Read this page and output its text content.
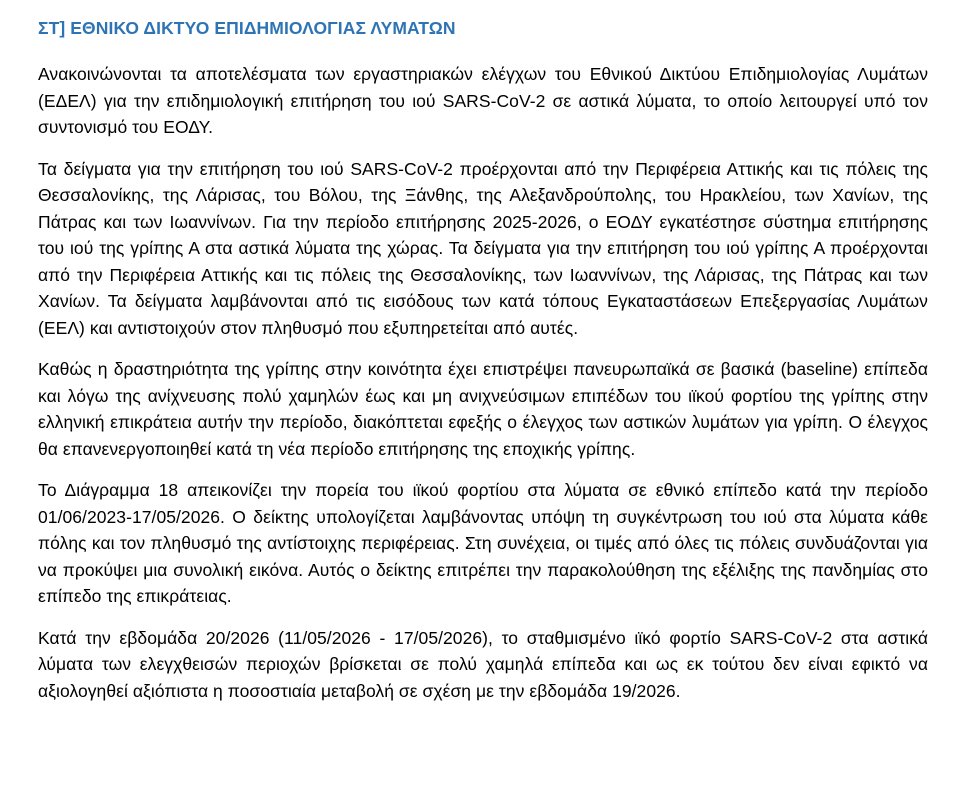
ΣΤ] ΕΘΝΙΚΟ ΔΙΚΤΥΟ ΕΠΙΔΗΜΙΟΛΟΓΙΑΣ ΛΥΜΑΤΩΝ

Ανακοινώνονται τα αποτελέσματα των εργαστηριακών ελέγχων του Εθνικού Δικτύου Επιδημιολογίας Λυμάτων (ΕΔΕΛ) για την επιδημιολογική επιτήρηση του ιού SARS-CoV-2 σε αστικά λύματα, το οποίο λειτουργεί υπό τον συντονισμό του ΕΟΔΥ.

Τα δείγματα για την επιτήρηση του ιού SARS-CoV-2 προέρχονται από την Περιφέρεια Αττικής και τις πόλεις της Θεσσαλονίκης, της Λάρισας, του Βόλου, της Ξάνθης, της Αλεξανδρούπολης, του Ηρακλείου, των Χανίων, της Πάτρας και των Ιωαννίνων. Για την περίοδο επιτήρησης 2025-2026, ο ΕΟΔΥ εγκατέστησε σύστημα επιτήρησης του ιού της γρίπης Α στα αστικά λύματα της χώρας. Τα δείγματα για την επιτήρηση του ιού γρίπης Α προέρχονται από την Περιφέρεια Αττικής και τις πόλεις της Θεσσαλονίκης, των Ιωαννίνων, της Λάρισας, της Πάτρας και των Χανίων. Τα δείγματα λαμβάνονται από τις εισόδους των κατά τόπους Εγκαταστάσεων Επεξεργασίας Λυμάτων (ΕΕΛ) και αντιστοιχούν στον πληθυσμό που εξυπηρετείται από αυτές.

Καθώς η δραστηριότητα της γρίπης στην κοινότητα έχει επιστρέψει πανευρωπαϊκά σε βασικά (baseline) επίπεδα και λόγω της ανίχνευσης πολύ χαμηλών έως και μη ανιχνεύσιμων επιπέδων του ιϊκού φορτίου της γρίπης στην ελληνική επικράτεια αυτήν την περίοδο, διακόπτεται εφεξής ο έλεγχος των αστικών λυμάτων για γρίπη. Ο έλεγχος θα επανενεργοποιηθεί κατά τη νέα περίοδο επιτήρησης της εποχικής γρίπης.

Το Διάγραμμα 18 απεικονίζει την πορεία του ιϊκού φορτίου στα λύματα σε εθνικό επίπεδο κατά την περίοδο 01/06/2023-17/05/2026. Ο δείκτης υπολογίζεται λαμβάνοντας υπόψη τη συγκέντρωση του ιού στα λύματα κάθε πόλης και τον πληθυσμό της αντίστοιχης περιφέρειας. Στη συνέχεια, οι τιμές από όλες τις πόλεις συνδυάζονται για να προκύψει μια συνολική εικόνα. Αυτός ο δείκτης επιτρέπει την παρακολούθηση της εξέλιξης της πανδημίας στο επίπεδο της επικράτειας.

Κατά την εβδομάδα 20/2026 (11/05/2026 - 17/05/2026), το σταθμισμένο ιϊκό φορτίο SARS-CoV-2 στα αστικά λύματα των ελεγχθεισών περιοχών βρίσκεται σε πολύ χαμηλά επίπεδα και ως εκ τούτου δεν είναι εφικτό να αξιολογηθεί αξιόπιστα η ποσοστιαία μεταβολή σε σχέση με την εβδομάδα 19/2026.
